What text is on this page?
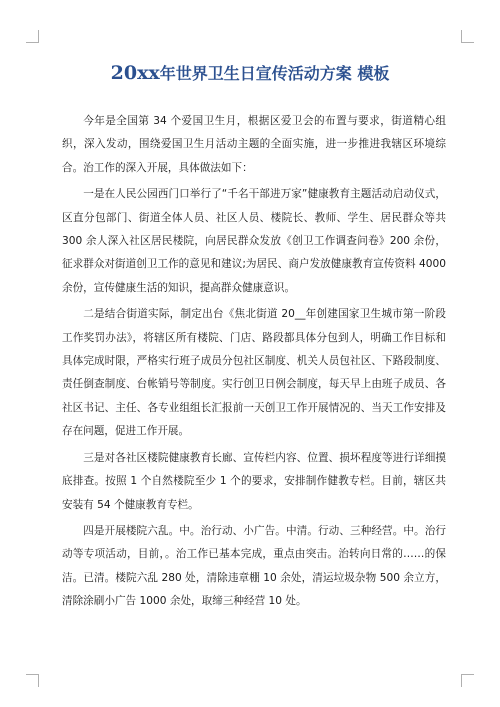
20xx年世界卫生日宣传活动方案 模板

今年是全国第 34 个爱国卫生月，根据区爱卫会的布置与要求，街道精心组织，深入发动，围绕爱国卫生月活动主题的全面实施，进一步推进我辖区环境综合。治工作的深入开展，具体做法如下：

一是在人民公园西门口举行了“千名干部进万家”健康教育主题活动启动仪式，区直分包部门、街道全体人员、社区人员、楼院长、教师、学生、居民群众等共 300 余人深入社区居民楼院，向居民群众发放《创卫工作调查问卷》200 余份，征求群众对街道创卫工作的意见和建议;为居民、商户发放健康教育宣传资料 4000 余份，宣传健康生活的知识，提高群众健康意识。

二是结合街道实际，制定出台《焦北街道 20__年创建国家卫生城市第一阶段工作奖罚办法》，将辖区所有楼院、门店、路段都具体分包到人，明确工作目标和具体完成时限，严格实行班子成员分包社区制度、机关人员包社区、下路段制度、责任倒查制度、台帐销号等制度。实行创卫日例会制度，每天早上由班子成员、各社区书记、主任、各专业组组长汇报前一天创卫工作开展情况的、当天工作安排及存在问题，促进工作开展。

三是对各社区楼院健康教育长廊、宣传栏内容、位置、损坏程度等进行详细摸底排查。按照 1 个自然楼院至少 1 个的要求，安排制作健教专栏。目前，辖区共安装有 54 个健康教育专栏。

四是开展楼院六乱。中。治行动、小广告。中清。行动、三种经营。中。治行动等专项活动，目前，。治工作已基本完成，重点由突击。治转向日常的……的保洁。已清。楼院六乱 280 处，清除违章棚 10 余处，清运垃圾杂物 500 余立方，清除涂刷小广告 1000 余处，取缔三种经营 10 处。
